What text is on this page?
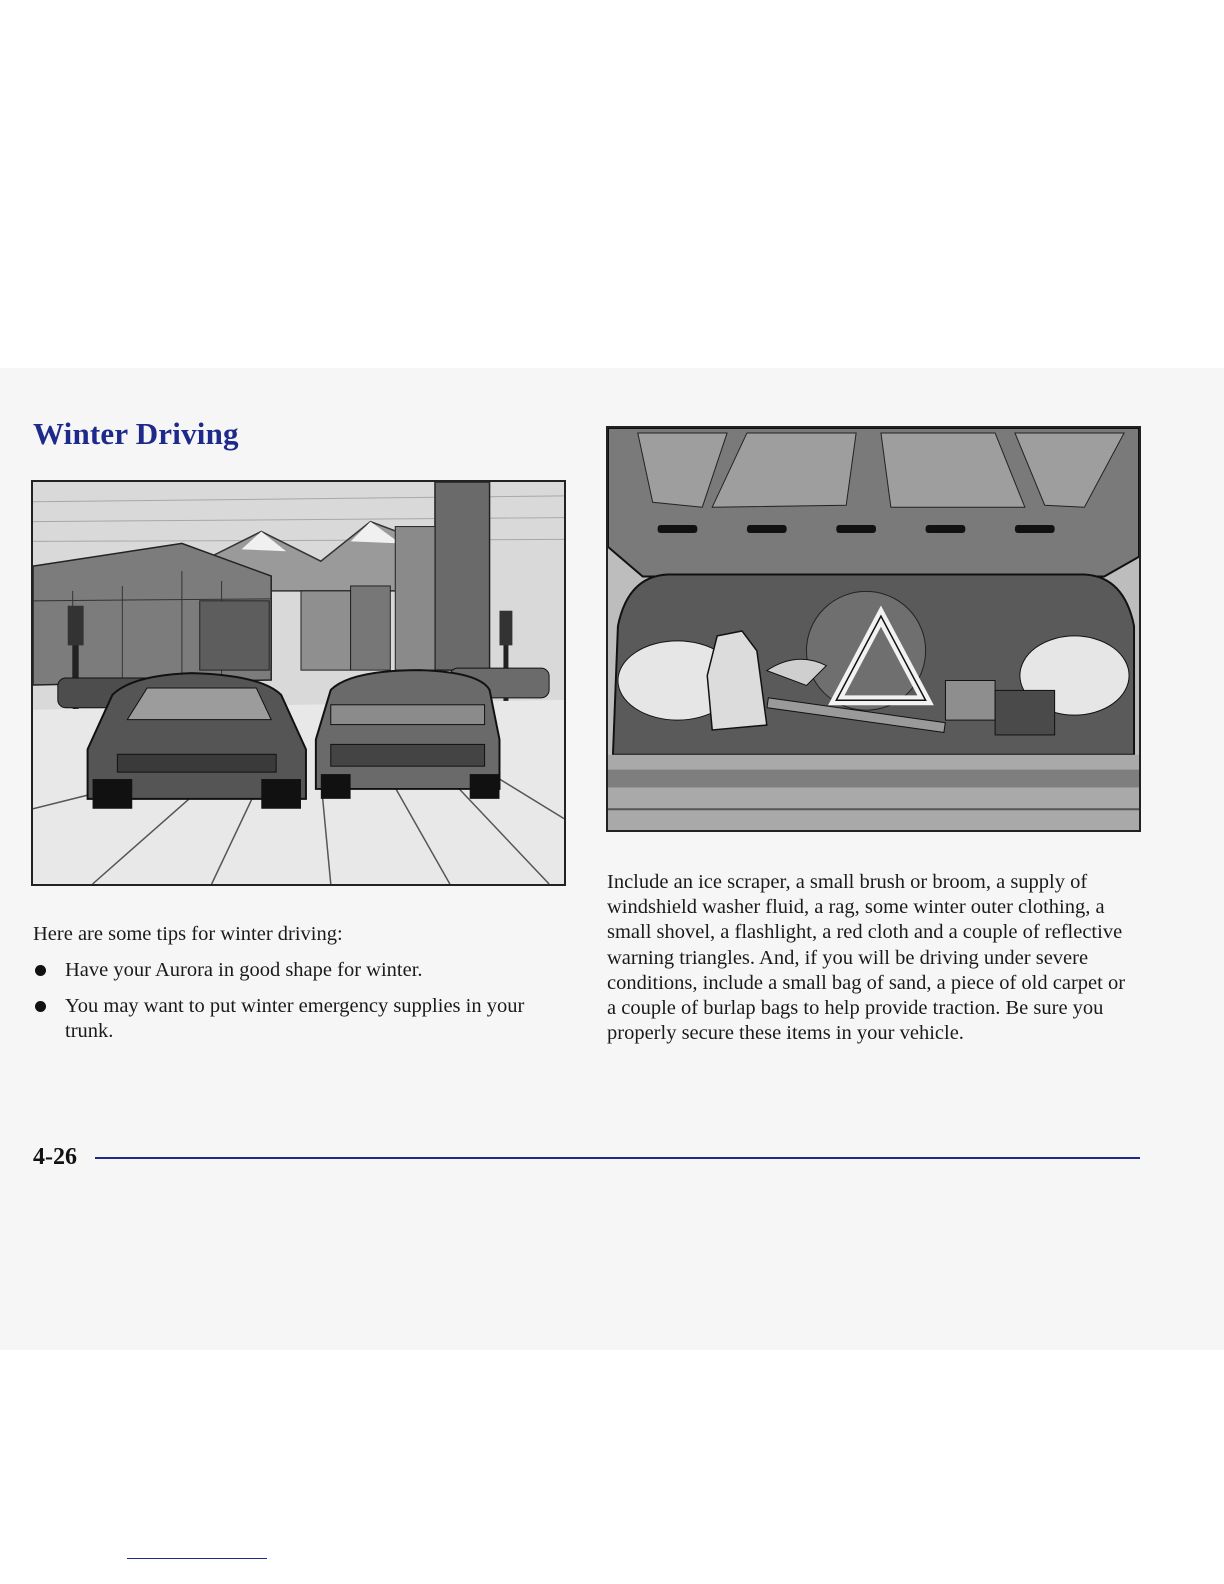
Winter Driving
Here are some tips for winter driving:
Have your Aurora in good shape for winter.
You may want to put winter emergency supplies in your trunk.
Include an ice scraper, a small brush or broom, a supply of windshield washer fluid, a rag, some winter outer clothing, a small shovel, a flashlight, a red cloth and a couple of reflective warning triangles. And, if you will be driving under severe conditions, include a small bag of sand, a piece of old carpet or a couple of burlap bags to help provide traction. Be sure you properly secure these items in your vehicle.
4-26
